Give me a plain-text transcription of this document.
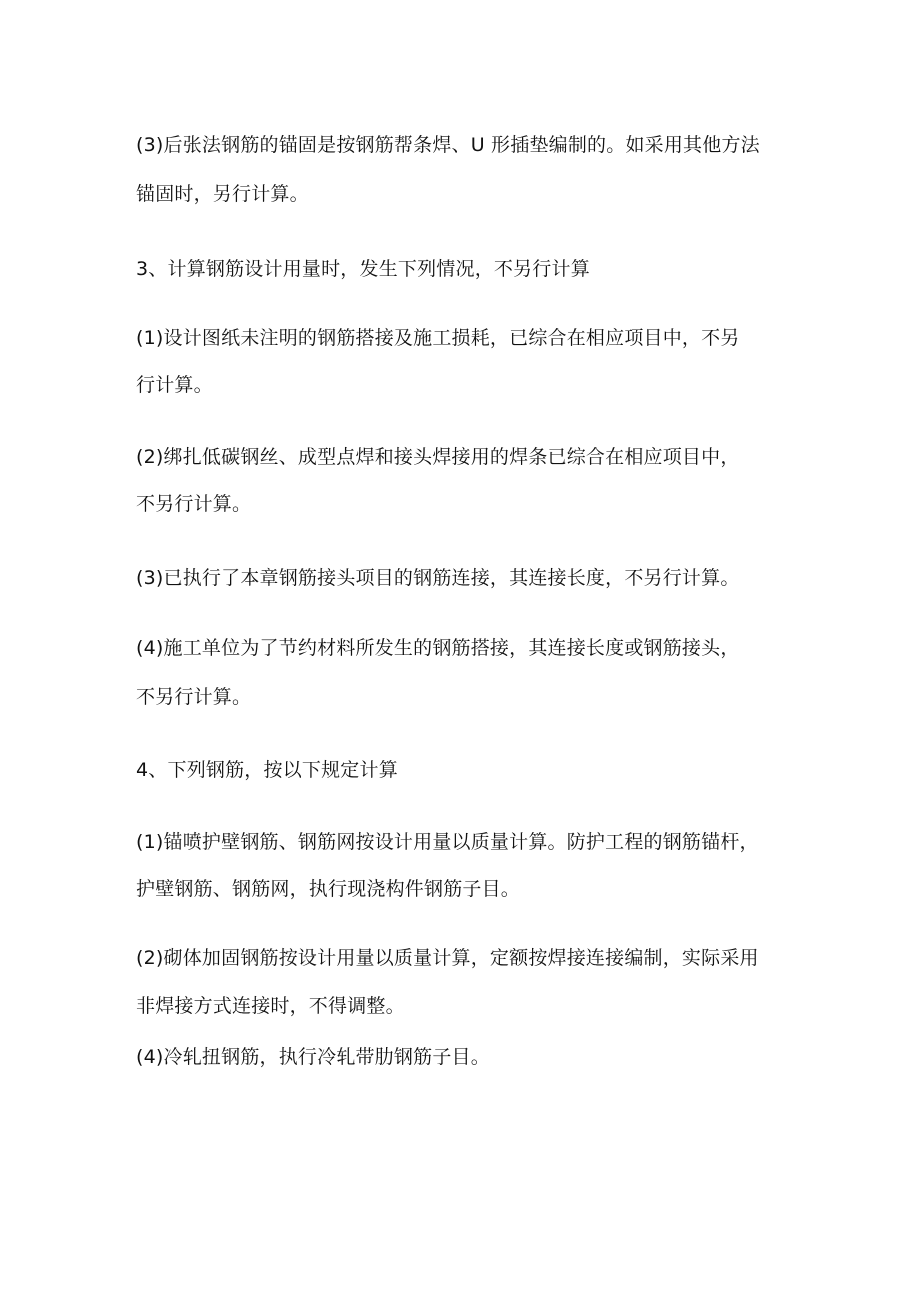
(3)后张法钢筋的锚固是按钢筋帮条焊、U 形插垫编制的。如采用其他方法
锚固时，另行计算。
3、计算钢筋设计用量时，发生下列情况，不另行计算
(1)设计图纸未注明的钢筋搭接及施工损耗，已综合在相应项目中，不另
行计算。
(2)绑扎低碳钢丝、成型点焊和接头焊接用的焊条已综合在相应项目中，
不另行计算。
(3)已执行了本章钢筋接头项目的钢筋连接，其连接长度，不另行计算。
(4)施工单位为了节约材料所发生的钢筋搭接，其连接长度或钢筋接头，
不另行计算。
4、下列钢筋，按以下规定计算
(1)锚喷护壁钢筋、钢筋网按设计用量以质量计算。防护工程的钢筋锚杆，
护壁钢筋、钢筋网，执行现浇构件钢筋子目。
(2)砌体加固钢筋按设计用量以质量计算，定额按焊接连接编制，实际采用
非焊接方式连接时，不得调整。
(4)冷轧扭钢筋，执行冷轧带肋钢筋子目。
